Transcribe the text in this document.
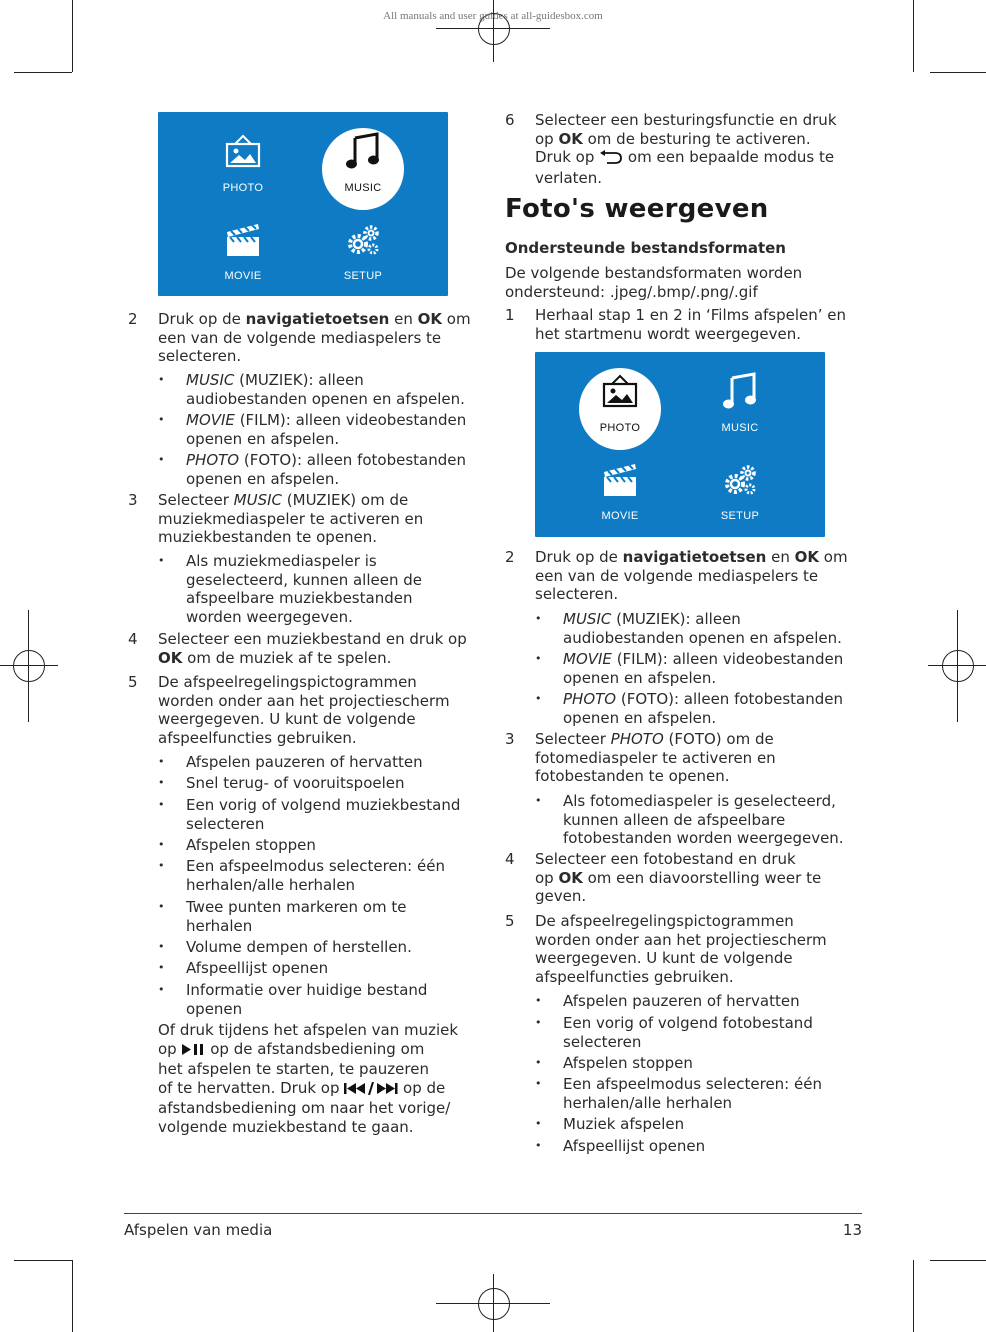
All manuals and user guides at all-guidesbox.com
PHOTO	MUSIC
MOVIE	SETUP
2 Druk op de navigatietoetsen en OK om een van de volgende mediaspelers te selecteren.
• MUSIC (MUZIEK): alleen audiobestanden openen en afspelen.
• MOVIE (FILM): alleen videobestanden openen en afspelen.
• PHOTO (FOTO): alleen fotobestanden openen en afspelen.
3 Selecteer MUSIC (MUZIEK) om de muziekmediaspeler te activeren en muziekbestanden te openen.
• Als muziekmediaspeler is geselecteerd, kunnen alleen de afspeelbare muziekbestanden worden weergegeven.
4 Selecteer een muziekbestand en druk op OK om de muziek af te spelen.
5 De afspeelregelingspictogrammen worden onder aan het projectiescherm weergegeven. U kunt de volgende afspeelfuncties gebruiken.
• Afspelen pauzeren of hervatten
• Snel terug- of vooruitspoelen
• Een vorig of volgend muziekbestand selecteren
• Afspelen stoppen
• Een afspeelmodus selecteren: één herhalen/alle herhalen
• Twee punten markeren om te herhalen
• Volume dempen of herstellen.
• Afspeellijst openen
• Informatie over huidige bestand openen
Of druk tijdens het afspelen van muziek
op  op de afstandsbediening om
het afspelen te starten, te pauzeren
of te hervatten. Druk op	op de
afstandsbediening om naar het vorige/
volgende muziekbestand te gaan.
6 Selecteer een besturingsfunctie en druk
op OK om de besturing te activeren.
Druk op  om een bepaalde modus te
verlaten.
Foto's weergeven
Ondersteunde bestandsformaten
De volgende bestandsformaten worden ondersteund: .jpeg/.bmp/.png/.gif
1 Herhaal stap 1 en 2 in ‘Films afspelen’ en het startmenu wordt weergegeven.
PHOTO	MUSIC
MOVIE	SETUP
2 Druk op de navigatietoetsen en OK om een van de volgende mediaspelers te selecteren.
• MUSIC (MUZIEK): alleen audiobestanden openen en afspelen.
• MOVIE (FILM): alleen videobestanden openen en afspelen.
• PHOTO (FOTO): alleen fotobestanden openen en afspelen.
3 Selecteer PHOTO (FOTO) om de fotomediaspeler te activeren en fotobestanden te openen.
• Als fotomediaspeler is geselecteerd, kunnen alleen de afspeelbare fotobestanden worden weergegeven.
4 Selecteer een fotobestand en druk
op OK om een diavoorstelling weer te
geven.
5 De afspeelregelingspictogrammen worden onder aan het projectiescherm weergegeven. U kunt de volgende afspeelfuncties gebruiken.
• Afspelen pauzeren of hervatten
• Een vorig of volgend fotobestand selecteren
• Afspelen stoppen
• Een afspeelmodus selecteren: één herhalen/alle herhalen
• Muziek afspelen
• Afspeellijst openen
Afspelen van media	13
